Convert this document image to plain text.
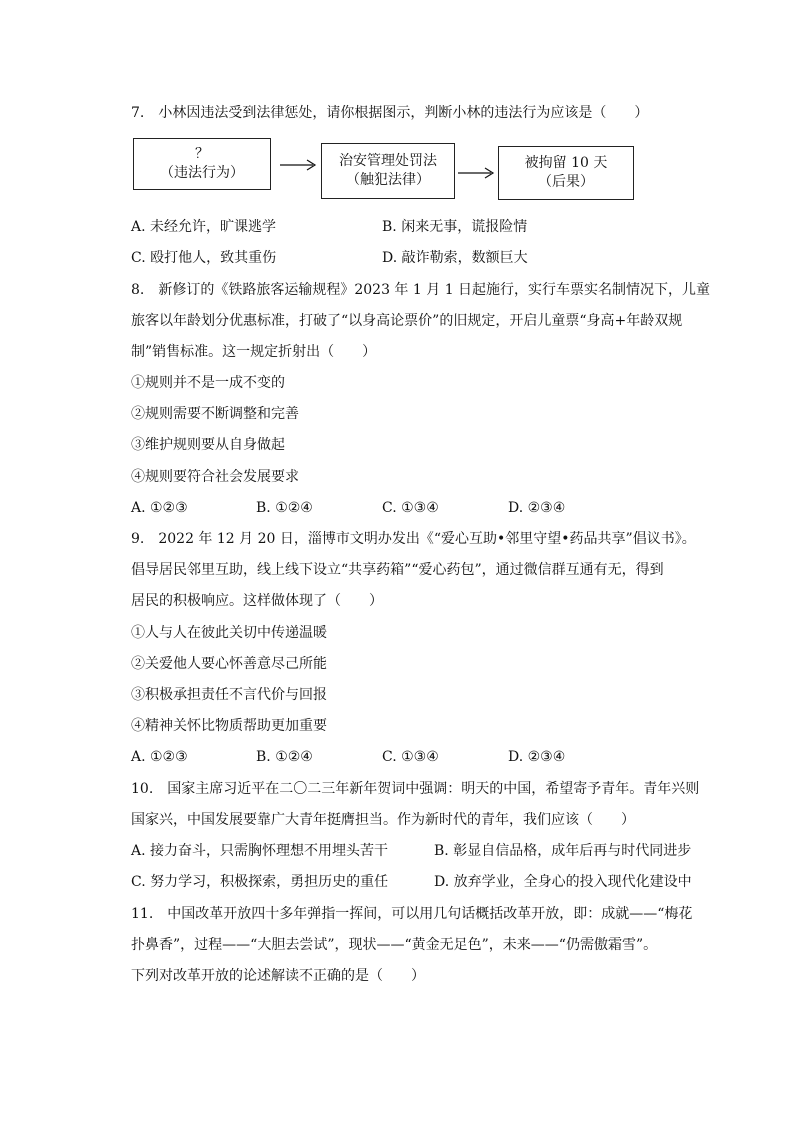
7.　小林因违法受到法律惩处，请你根据图示，判断小林的违法行为应该是（　　）
？
（违法行为）
治安管理处罚法
（触犯法律）
被拘留 10 天
（后果）
A. 未经允许，旷课逃学	B. 闲来无事，谎报险情
C. 殴打他人，致其重伤	D. 敲诈勒索，数额巨大
8.　新修订的《铁路旅客运输规程》2023 年 1 月 1 日起施行，实行车票实名制情况下，儿童
旅客以年龄划分优惠标准，打破了“以身高论票价”的旧规定，开启儿童票“身高+年龄双规
制”销售标准。这一规定折射出（　　）
①规则并不是一成不变的
②规则需要不断调整和完善
③维护规则要从自身做起
④规则要符合社会发展要求
A. ①②③	B. ①②④	C. ①③④	D. ②③④
9.　2022 年 12 月 20 日，淄博市文明办发出《“爱心互助•邻里守望•药品共享”倡议书》。
倡导居民邻里互助，线上线下设立“共享药箱”“爱心药包”，通过微信群互通有无，得到
居民的积极响应。这样做体现了（　　）
①人与人在彼此关切中传递温暖
②关爱他人要心怀善意尽己所能
③积极承担责任不言代价与回报
④精神关怀比物质帮助更加重要
A. ①②③	B. ①②④	C. ①③④	D. ②③④
10.　国家主席习近平在二〇二三年新年贺词中强调：明天的中国，希望寄予青年。青年兴则
国家兴，中国发展要靠广大青年挺膺担当。作为新时代的青年，我们应该（　　）
A. 接力奋斗，只需胸怀理想不用埋头苦干	B. 彰显自信品格，成年后再与时代同进步
C. 努力学习，积极探索，勇担历史的重任	D. 放弃学业，全身心的投入现代化建设中
11.　中国改革开放四十多年弹指一挥间，可以用几句话概括改革开放，即：成就——“梅花
扑鼻香”，过程——“大胆去尝试”，现状——“黄金无足色”，未来——“仍需傲霜雪”。
下列对改革开放的论述解读不正确的是（　　）
